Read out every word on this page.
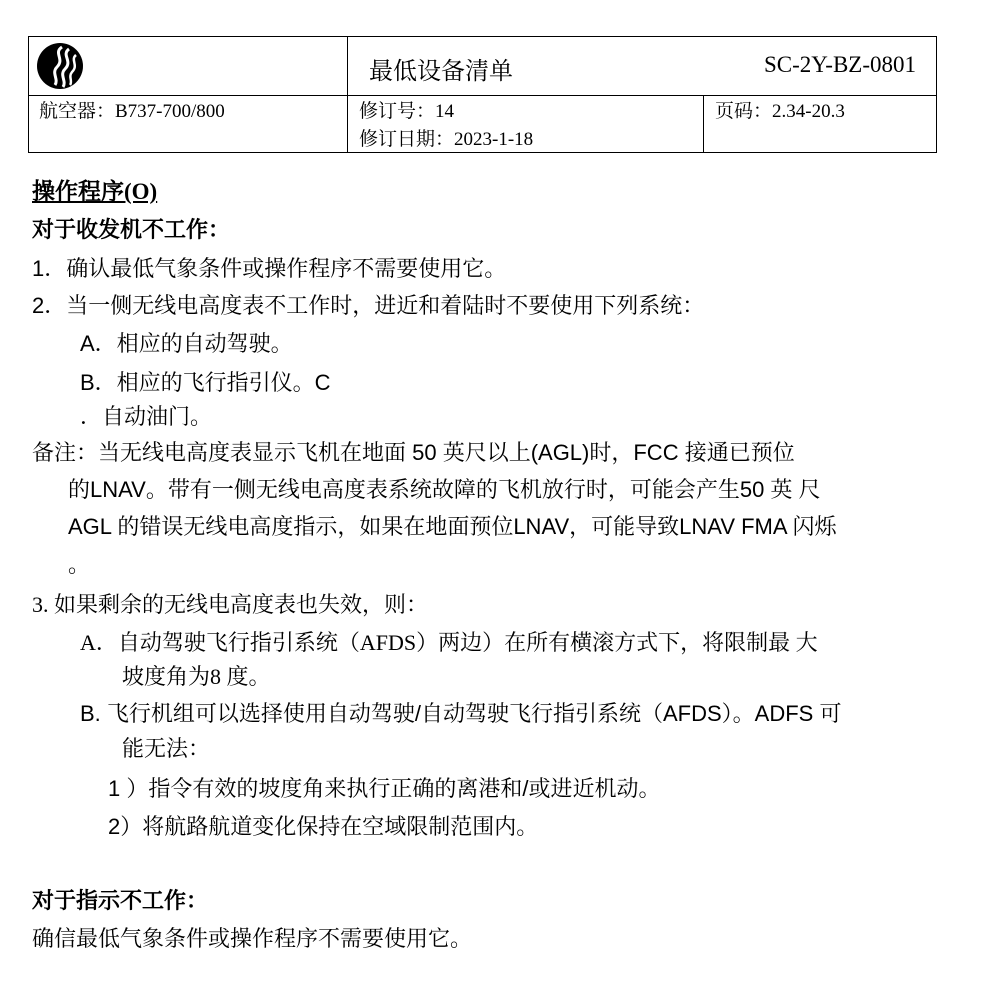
最低设备清单	SC-2Y-BZ-0801
航空器：B737-700/800	修订号：14
修订日期：2023-1-18
页码：2.34-20.3
操作程序(O)
对于收发机不工作：
1．确认最低气象条件或操作程序不需要使用它。
2．当一侧无线电高度表不工作时，进近和着陆时不要使用下列系统：
A．相应的自动驾驶。
B．相应的飞行指引仪。C
．自动油门。
备注：当无线电高度表显示飞机在地面 50 英尺以上(AGL)时，FCC 接通已预位
的LNAV。带有一侧无线电高度表系统故障的飞机放行时，可能会产生50 英 尺
AGL 的错误无线电高度指示，如果在地面预位LNAV，可能导致LNAV FMA 闪烁
。
3. 如果剩余的无线电高度表也失效，则：
A．自动驾驶飞行指引系统（AFDS）两边）在所有横滚方式下，将限制最 大
坡度角为8 度。
B. 飞行机组可以选择使用自动驾驶/自动驾驶飞行指引系统（AFDS）。ADFS 可
能无法：
1 ）指令有效的坡度角来执行正确的离港和/或进近机动。
2）将航路航道变化保持在空域限制范围内。
对于指示不工作：
确信最低气象条件或操作程序不需要使用它。
